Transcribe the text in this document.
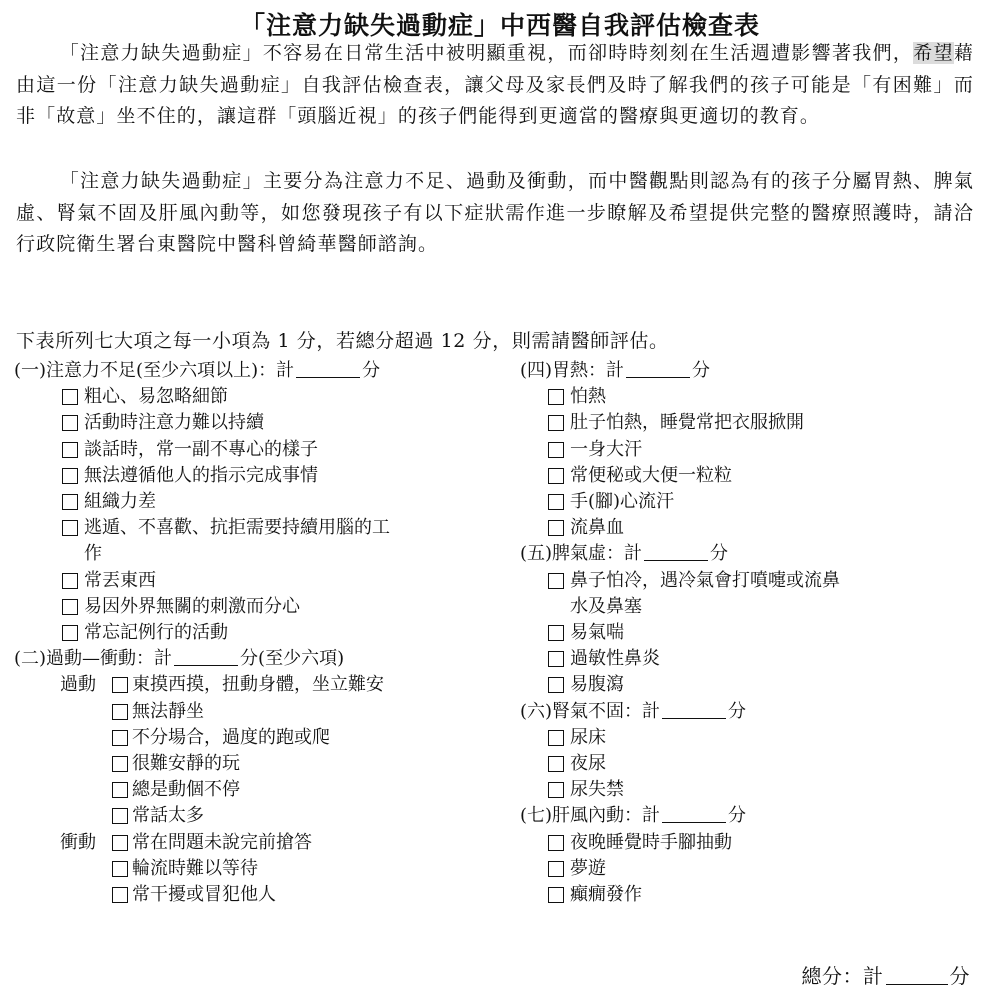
「注意力缺失過動症」中西醫自我評估檢查表
「注意力缺失過動症」不容易在日常生活中被明顯重視，而卻時時刻刻在生活週遭影響著我們，希望藉由這一份「注意力缺失過動症」自我評估檢查表，讓父母及家長們及時了解我們的孩子可能是「有困難」而非「故意」坐不住的，讓這群「頭腦近視」的孩子們能得到更適當的醫療與更適切的教育。
「注意力缺失過動症」主要分為注意力不足、過動及衝動，而中醫觀點則認為有的孩子分屬胃熱、脾氣虛、腎氣不固及肝風內動等，如您發現孩子有以下症狀需作進一步瞭解及希望提供完整的醫療照護時，請洽行政院衛生署台東醫院中醫科曾綺華醫師諮詢。
下表所列七大項之每一小項為 1 分，若總分超過 12 分，則需請醫師評估。
(一)注意力不足(至少六項以上)：計	分
粗心、易忽略細節
活動時注意力難以持續
談話時，常一副不專心的樣子
無法遵循他人的指示完成事情
組織力差
逃遁、不喜歡、抗拒需要持續用腦的工
作
常丟東西
易因外界無關的刺激而分心
常忘記例行的活動
(二)過動—衝動：計	分(至少六項)
過動 東摸西摸，扭動身體，坐立難安
無法靜坐
不分場合，過度的跑或爬
很難安靜的玩
總是動個不停
常話太多
衝動 常在問題未說完前搶答
輪流時難以等待
常干擾或冒犯他人
(四)胃熱：計	分
怕熱
肚子怕熱，睡覺常把衣服掀開
一身大汗
常便秘或大便一粒粒
手(腳)心流汗
流鼻血
(五)脾氣虛：計	分
鼻子怕冷，遇冷氣會打噴嚏或流鼻
水及鼻塞
易氣喘
過敏性鼻炎
易腹瀉
(六)腎氣不固：計	分
尿床
夜尿
尿失禁
(七)肝風內動：計	分
夜晚睡覺時手腳抽動
夢遊
癲癇發作
總分：計	分
